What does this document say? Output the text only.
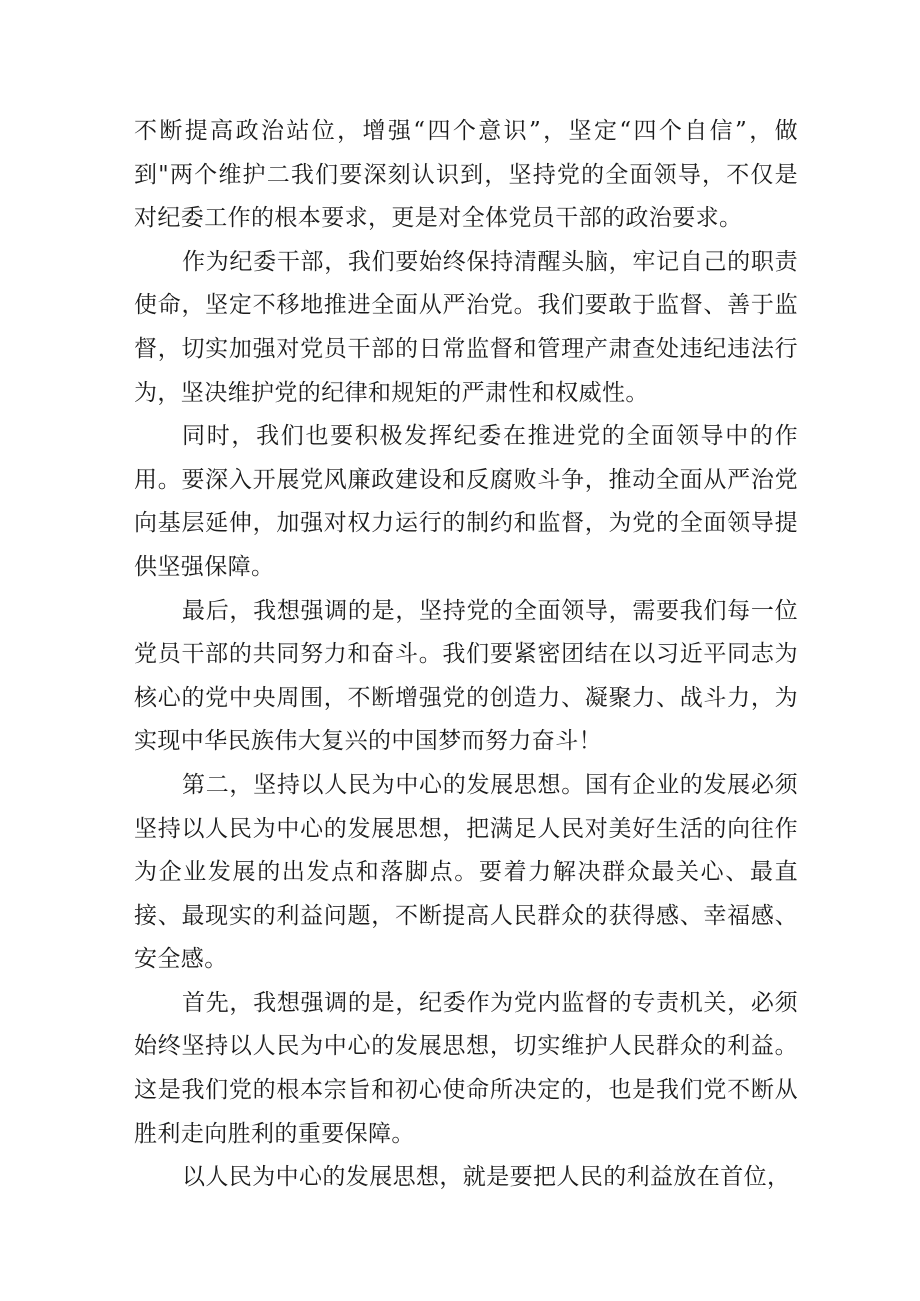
不断提高政治站位，增强“四个意识”，坚定“四个自信”，做到"两个维护二我们要深刻认识到，坚持党的全面领导，不仅是对纪委工作的根本要求，更是对全体党员干部的政治要求。

作为纪委干部，我们要始终保持清醒头脑，牢记自己的职责使命，坚定不移地推进全面从严治党。我们要敢于监督、善于监督，切实加强对党员干部的日常监督和管理产肃查处违纪违法行为，坚决维护党的纪律和规矩的严肃性和权威性。

同时，我们也要积极发挥纪委在推进党的全面领导中的作用。要深入开展党风廉政建设和反腐败斗争，推动全面从严治党向基层延伸，加强对权力运行的制约和监督，为党的全面领导提供坚强保障。

最后，我想强调的是，坚持党的全面领导，需要我们每一位党员干部的共同努力和奋斗。我们要紧密团结在以习近平同志为核心的党中央周围，不断增强党的创造力、凝聚力、战斗力，为实现中华民族伟大复兴的中国梦而努力奋斗！

第二，坚持以人民为中心的发展思想。国有企业的发展必须坚持以人民为中心的发展思想，把满足人民对美好生活的向往作为企业发展的出发点和落脚点。要着力解决群众最关心、最直接、最现实的利益问题，不断提高人民群众的获得感、幸福感、安全感。

首先，我想强调的是，纪委作为党内监督的专责机关，必须始终坚持以人民为中心的发展思想，切实维护人民群众的利益。这是我们党的根本宗旨和初心使命所决定的，也是我们党不断从胜利走向胜利的重要保障。

以人民为中心的发展思想，就是要把人民的利益放在首位，
